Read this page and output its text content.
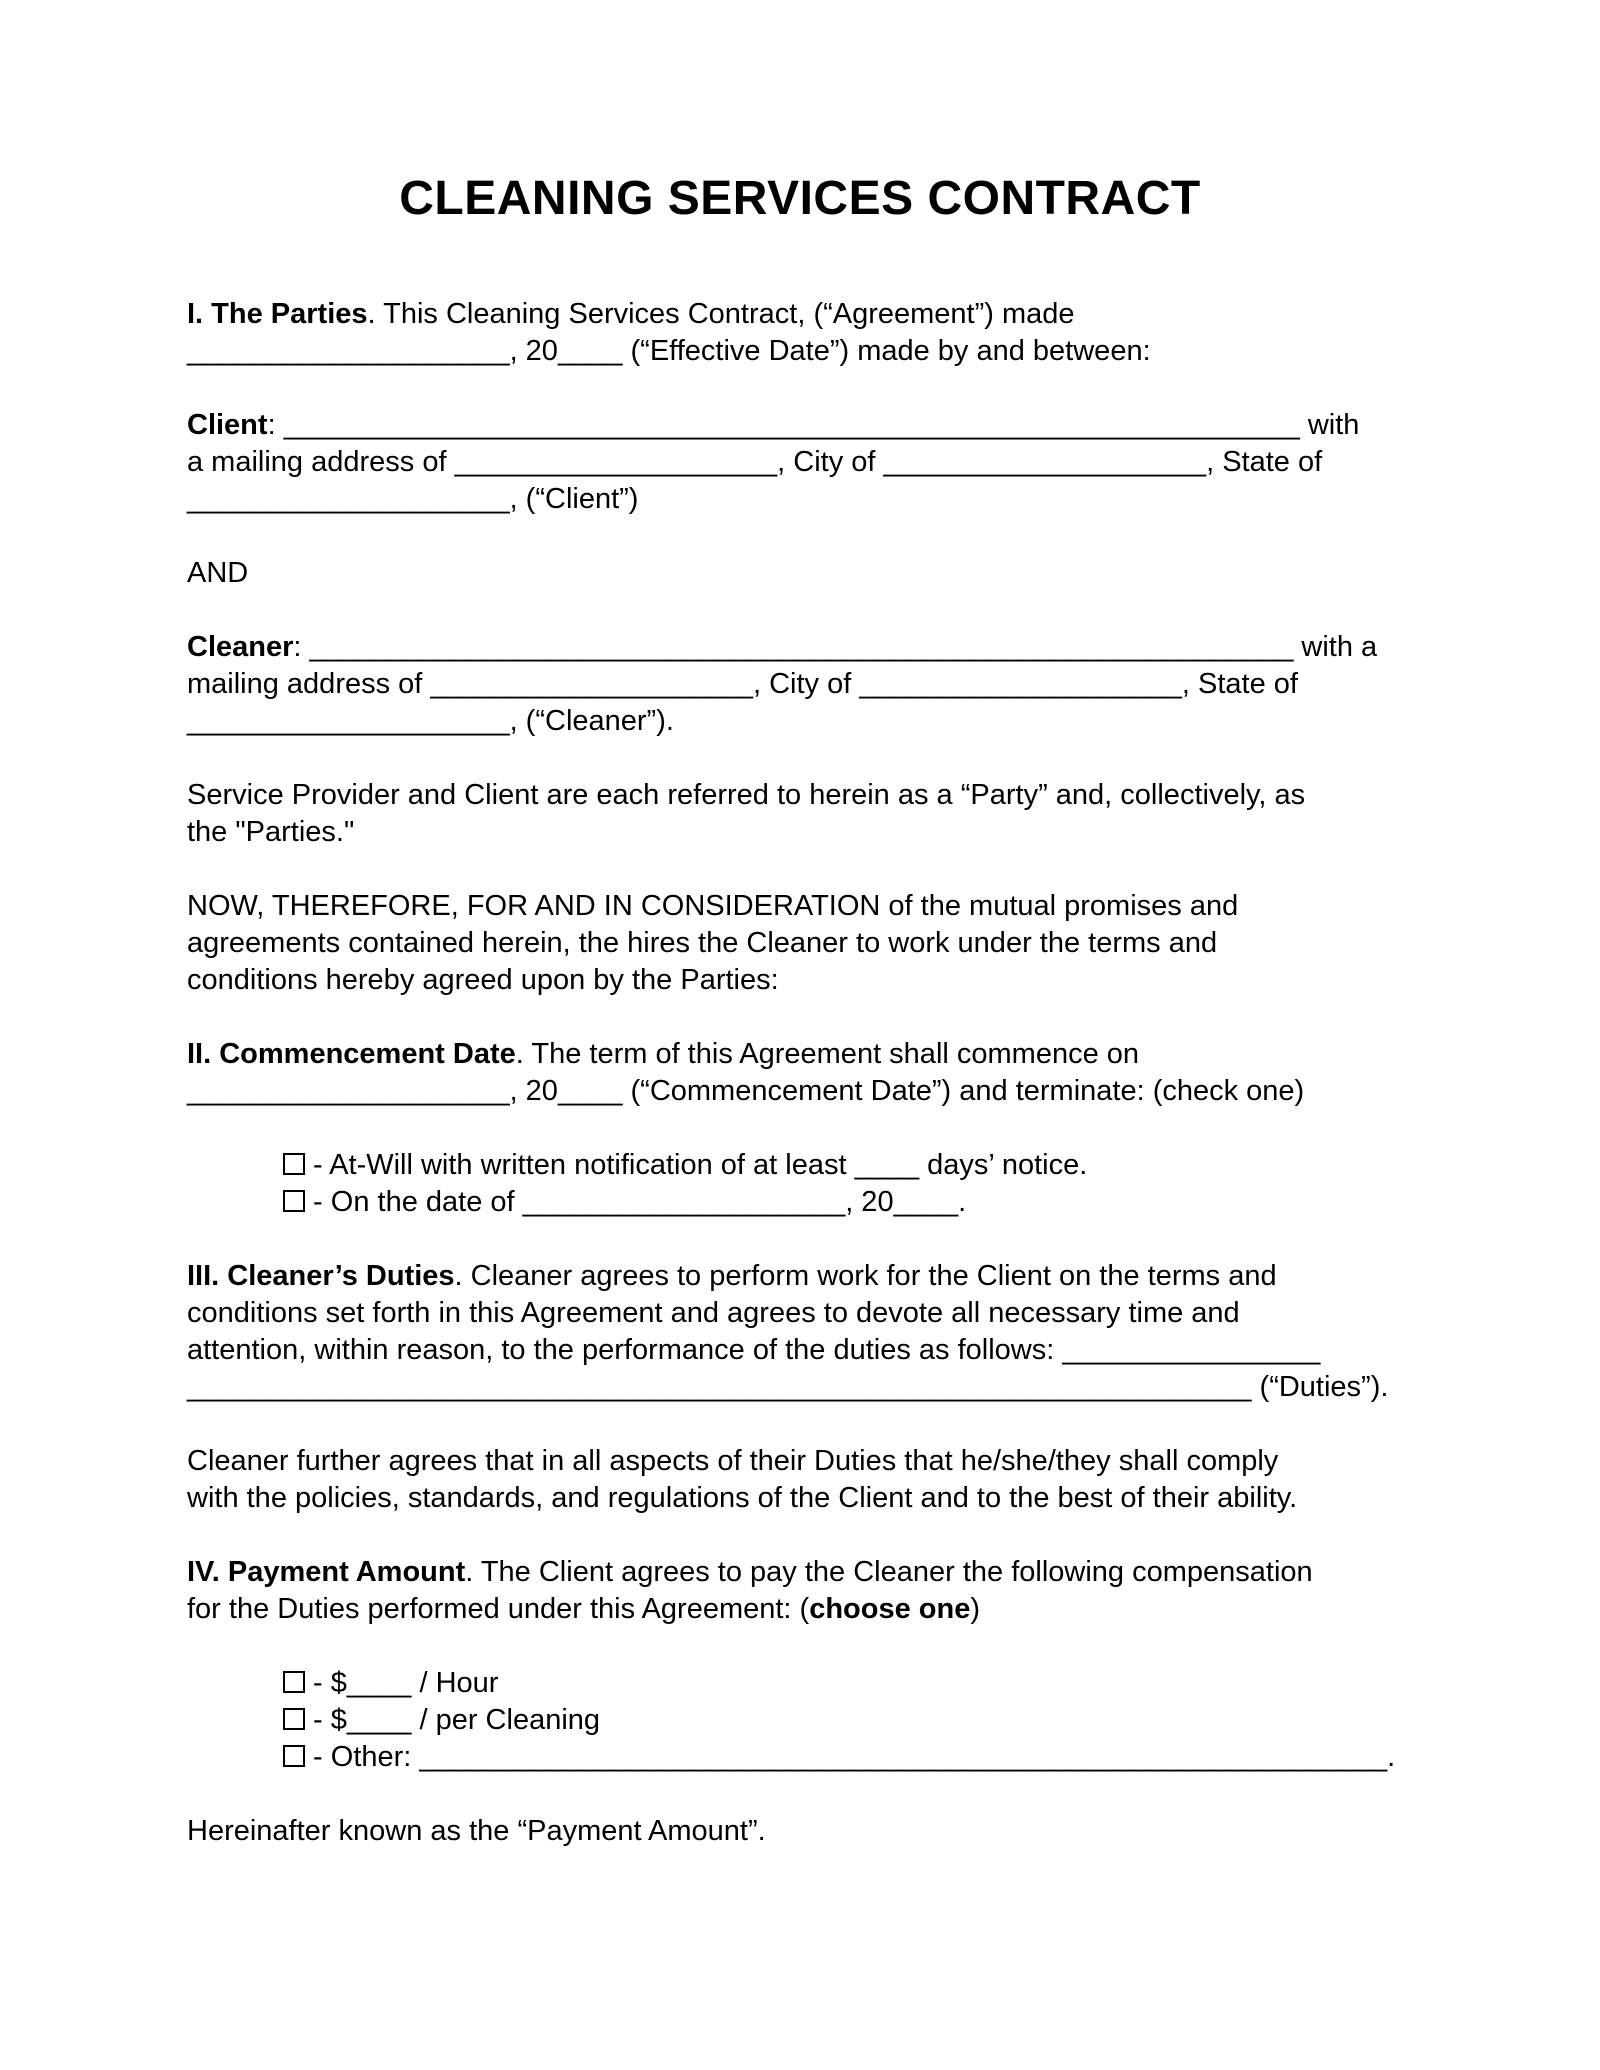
CLEANING SERVICES CONTRACT
I. The Parties. This Cleaning Services Contract, (“Agreement”) made
____________________, 20____ (“Effective Date”) made by and between:
Client: _______________________________________________________________ with
a mailing address of ____________________, City of ____________________, State of
____________________, (“Client”)
AND
Cleaner: _____________________________________________________________ with a
mailing address of ____________________, City of ____________________, State of
____________________, (“Cleaner”).
Service Provider and Client are each referred to herein as a “Party” and, collectively, as
the "Parties."
NOW, THEREFORE, FOR AND IN CONSIDERATION of the mutual promises and
agreements contained herein, the hires the Cleaner to work under the terms and
conditions hereby agreed upon by the Parties:
II. Commencement Date. The term of this Agreement shall commence on
____________________, 20____ (“Commencement Date”) and terminate: (check one)
- At-Will with written notification of at least ____ days’ notice.
- On the date of ____________________, 20____.
III. Cleaner’s Duties. Cleaner agrees to perform work for the Client on the terms and
conditions set forth in this Agreement and agrees to devote all necessary time and
attention, within reason, to the performance of the duties as follows: ________________
__________________________________________________________________ (“Duties”).
Cleaner further agrees that in all aspects of their Duties that he/she/they shall comply
with the policies, standards, and regulations of the Client and to the best of their ability.
IV. Payment Amount. The Client agrees to pay the Cleaner the following compensation
for the Duties performed under this Agreement: (choose one)
- $____ / Hour
- $____ / per Cleaning
- Other: ____________________________________________________________.
Hereinafter known as the “Payment Amount”.
